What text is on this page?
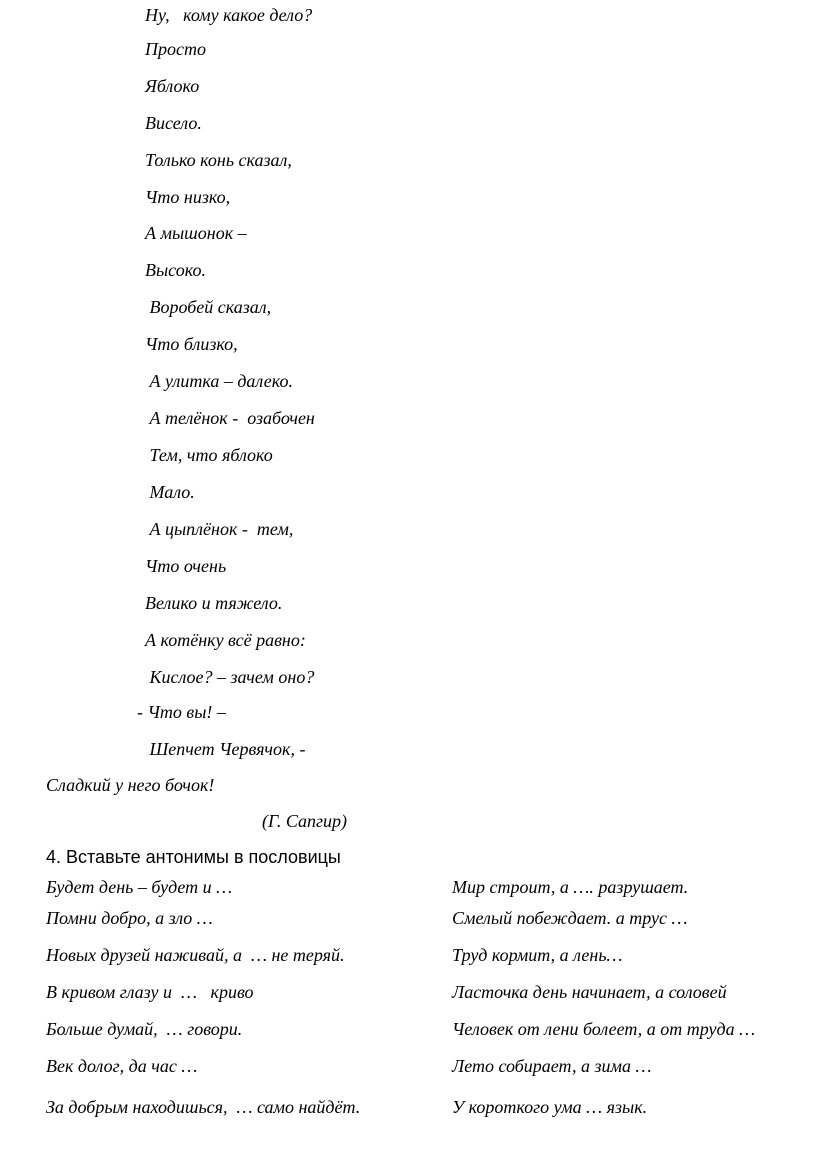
Ну,   кому какое дело?
Просто
Яблоко
Висело.
Только конь сказал,
Что низко,
А мышонок –
Высоко.
Воробей сказал,
Что близко,
А улитка – далеко.
А телёнок -  озабочен
Тем, что яблоко
Мало.
А цыплёнок -  тем,
Что очень
Велико и тяжело.
А котёнку всё равно:
Кислое? – зачем оно?
- Что вы! –
Шепчет Червячок, -
Сладкий у него бочок!
(Г. Сапгир)
4. Вставьте антонимы в пословицы
Будет день – будет и …
Помни добро, а зло …
Новых друзей наживай, а  … не теряй.
В кривом глазу и  …   криво
Больше думай,  … говори.
Век долог, да час …
За добрым находишься,  … само найдёт.
Мир строит, а …. разрушает.
Смелый побеждает. а трус …
Труд кормит, а лень…
Ласточка день начинает, а соловей
Человек от лени болеет, а от труда …
Лето собирает, а зима …
У короткого ума … язык.
